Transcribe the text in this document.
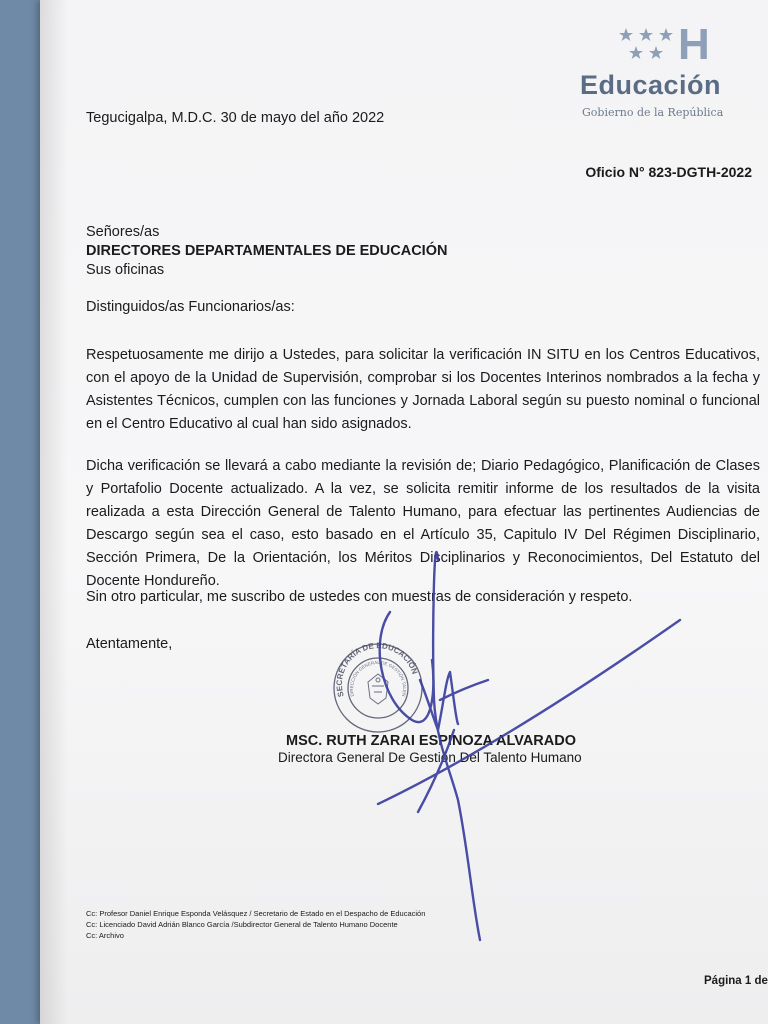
H
Educación
Gobierno de la República
Tegucigalpa, M.D.C. 30 de mayo del año 2022
Oficio N° 823-DGTH-2022
Señores/as
DIRECTORES DEPARTAMENTALES DE EDUCACIÓN
Sus oficinas
Distinguidos/as Funcionarios/as:
Respetuosamente me dirijo a Ustedes, para solicitar la verificación IN SITU en los Centros Educativos, con el apoyo de la Unidad de Supervisión, comprobar si los Docentes Interinos nombrados a la fecha y Asistentes Técnicos, cumplen con las funciones y Jornada Laboral según su puesto nominal o funcional en el Centro Educativo al cual han sido asignados.
Dicha verificación se llevará a cabo mediante la revisión de; Diario Pedagógico, Planificación de Clases y Portafolio Docente actualizado. A la vez, se solicita remitir informe de los resultados de la visita realizada a esta Dirección General de Talento Humano, para efectuar las pertinentes Audiencias de Descargo según sea el caso, esto basado en el Artículo 35, Capitulo IV Del Régimen Disciplinario, Sección Primera, De la Orientación, los Méritos Disciplinarios y Reconocimientos, Del Estatuto del Docente Hondureño.
Sin otro particular, me suscribo de ustedes con muestras de consideración y respeto.
Atentamente,
SECRETARÍA DE EDUCACIÓN
DIRECCIÓN GENERAL DE GESTIÓN TALEN
MSC. RUTH ZARAI ESPINOZA ALVARADO
Directora General De Gestión Del Talento Humano
Cc: Profesor Daniel Enrique Esponda Velásquez / Secretario de Estado en el Despacho de Educación
Cc: Licenciado David Adrián Blanco García /Subdirector General de Talento Humano Docente
Cc: Archivo
Página 1 de
